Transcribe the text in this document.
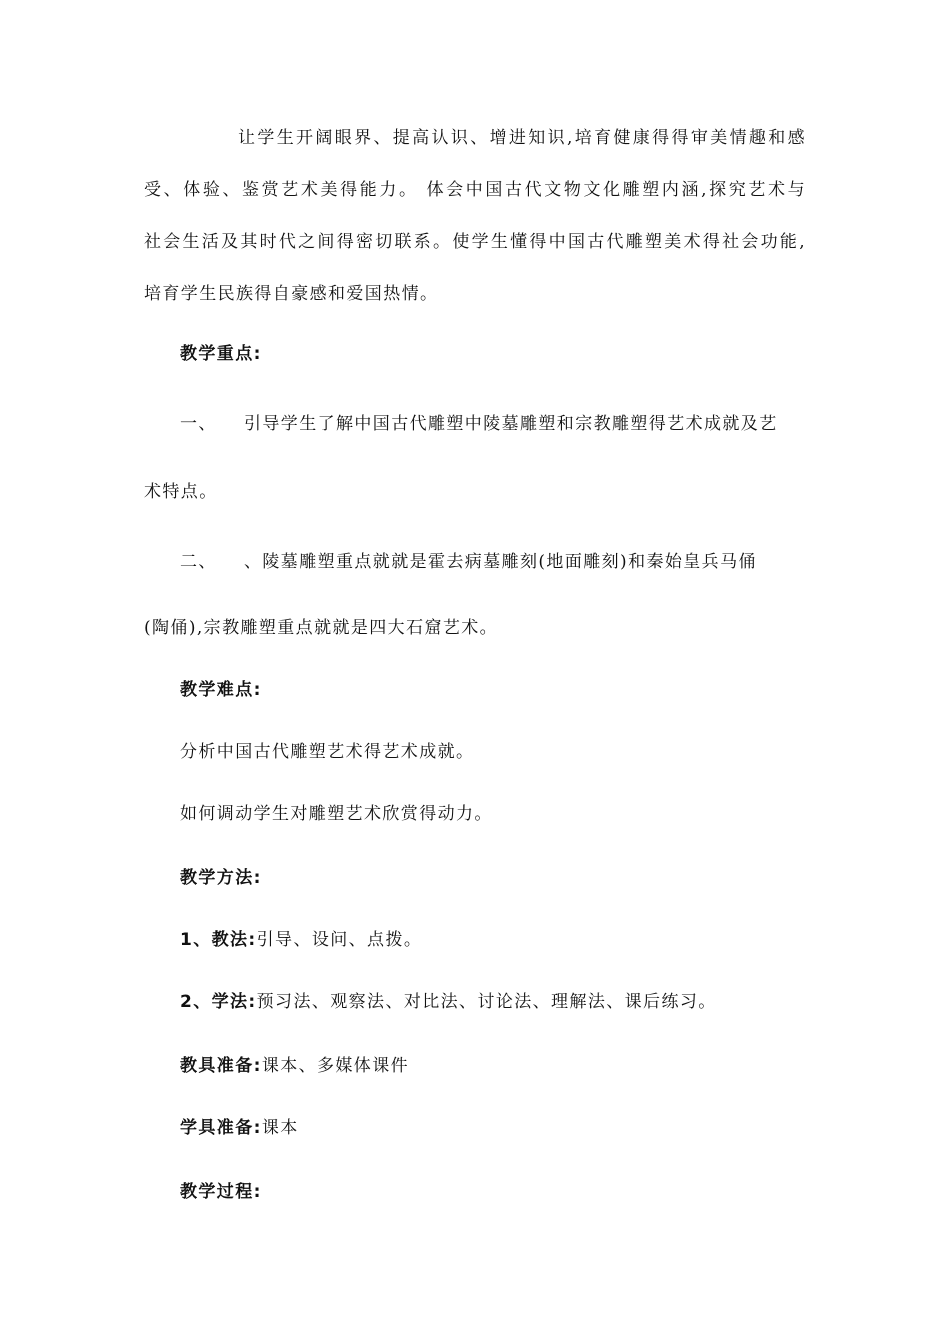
让学生开阔眼界、提高认识、增进知识,培育健康得得审美情趣和感
受、体验、鉴赏艺术美得能力。 体会中国古代文物文化雕塑内涵,探究艺术与
社会生活及其时代之间得密切联系。使学生懂得中国古代雕塑美术得社会功能,
培育学生民族得自豪感和爱国热情。
教学重点:
一、 引导学生了解中国古代雕塑中陵墓雕塑和宗教雕塑得艺术成就及艺
术特点。
二、 、陵墓雕塑重点就就是霍去病墓雕刻(地面雕刻)和秦始皇兵马俑
(陶俑),宗教雕塑重点就就是四大石窟艺术。
教学难点:
分析中国古代雕塑艺术得艺术成就。
如何调动学生对雕塑艺术欣赏得动力。
教学方法:
1、教法:引导、设问、点拨。
2、学法:预习法、观察法、对比法、讨论法、理解法、课后练习。
教具准备:课本、多媒体课件
学具准备:课本
教学过程:
